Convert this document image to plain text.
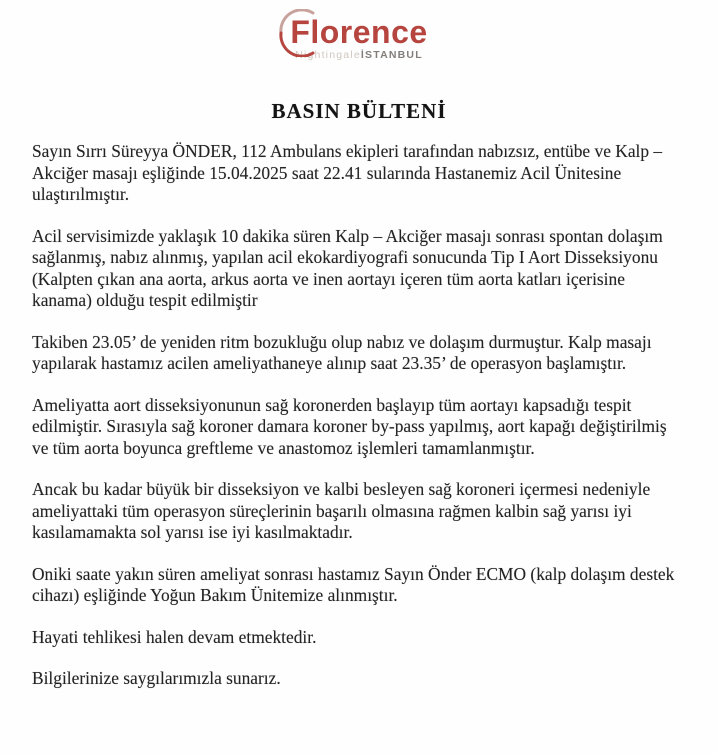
Florence
NightingaleİSTANBUL
BASIN BÜLTENİ

Sayın Sırrı Süreyya ÖNDER, 112 Ambulans ekipleri tarafından nabızsız, entübe ve Kalp – Akciğer masajı eşliğinde 15.04.2025 saat 22.41 sularında Hastanemiz Acil Ünitesine ulaştırılmıştır.

Acil servisimizde yaklaşık 10 dakika süren Kalp – Akciğer masajı sonrası spontan dolaşım sağlanmış, nabız alınmış, yapılan acil ekokardiyografi sonucunda Tip I Aort Disseksiyonu (Kalpten çıkan ana aorta, arkus aorta ve inen aortayı içeren tüm aorta katları içerisine kanama) olduğu tespit edilmiştir

Takiben 23.05’ de yeniden ritm bozukluğu olup nabız ve dolaşım durmuştur. Kalp masajı yapılarak hastamız acilen ameliyathaneye alınıp saat 23.35’ de operasyon başlamıştır.

Ameliyatta aort disseksiyonunun sağ koronerden başlayıp tüm aortayı kapsadığı tespit edilmiştir. Sırasıyla sağ koroner damara koroner by-pass yapılmış, aort kapağı değiştirilmiş ve tüm aorta boyunca greftleme ve anastomoz işlemleri tamamlanmıştır.

Ancak bu kadar büyük bir disseksiyon ve kalbi besleyen sağ koroneri içermesi nedeniyle ameliyattaki tüm operasyon süreçlerinin başarılı olmasına rağmen kalbin sağ yarısı iyi kasılamamakta sol yarısı ise iyi kasılmaktadır.

Oniki saate yakın süren ameliyat sonrası hastamız Sayın Önder ECMO (kalp dolaşım destek cihazı) eşliğinde Yoğun Bakım Ünitemize alınmıştır.

Hayati tehlikesi halen devam etmektedir.

Bilgilerinize saygılarımızla sunarız.
